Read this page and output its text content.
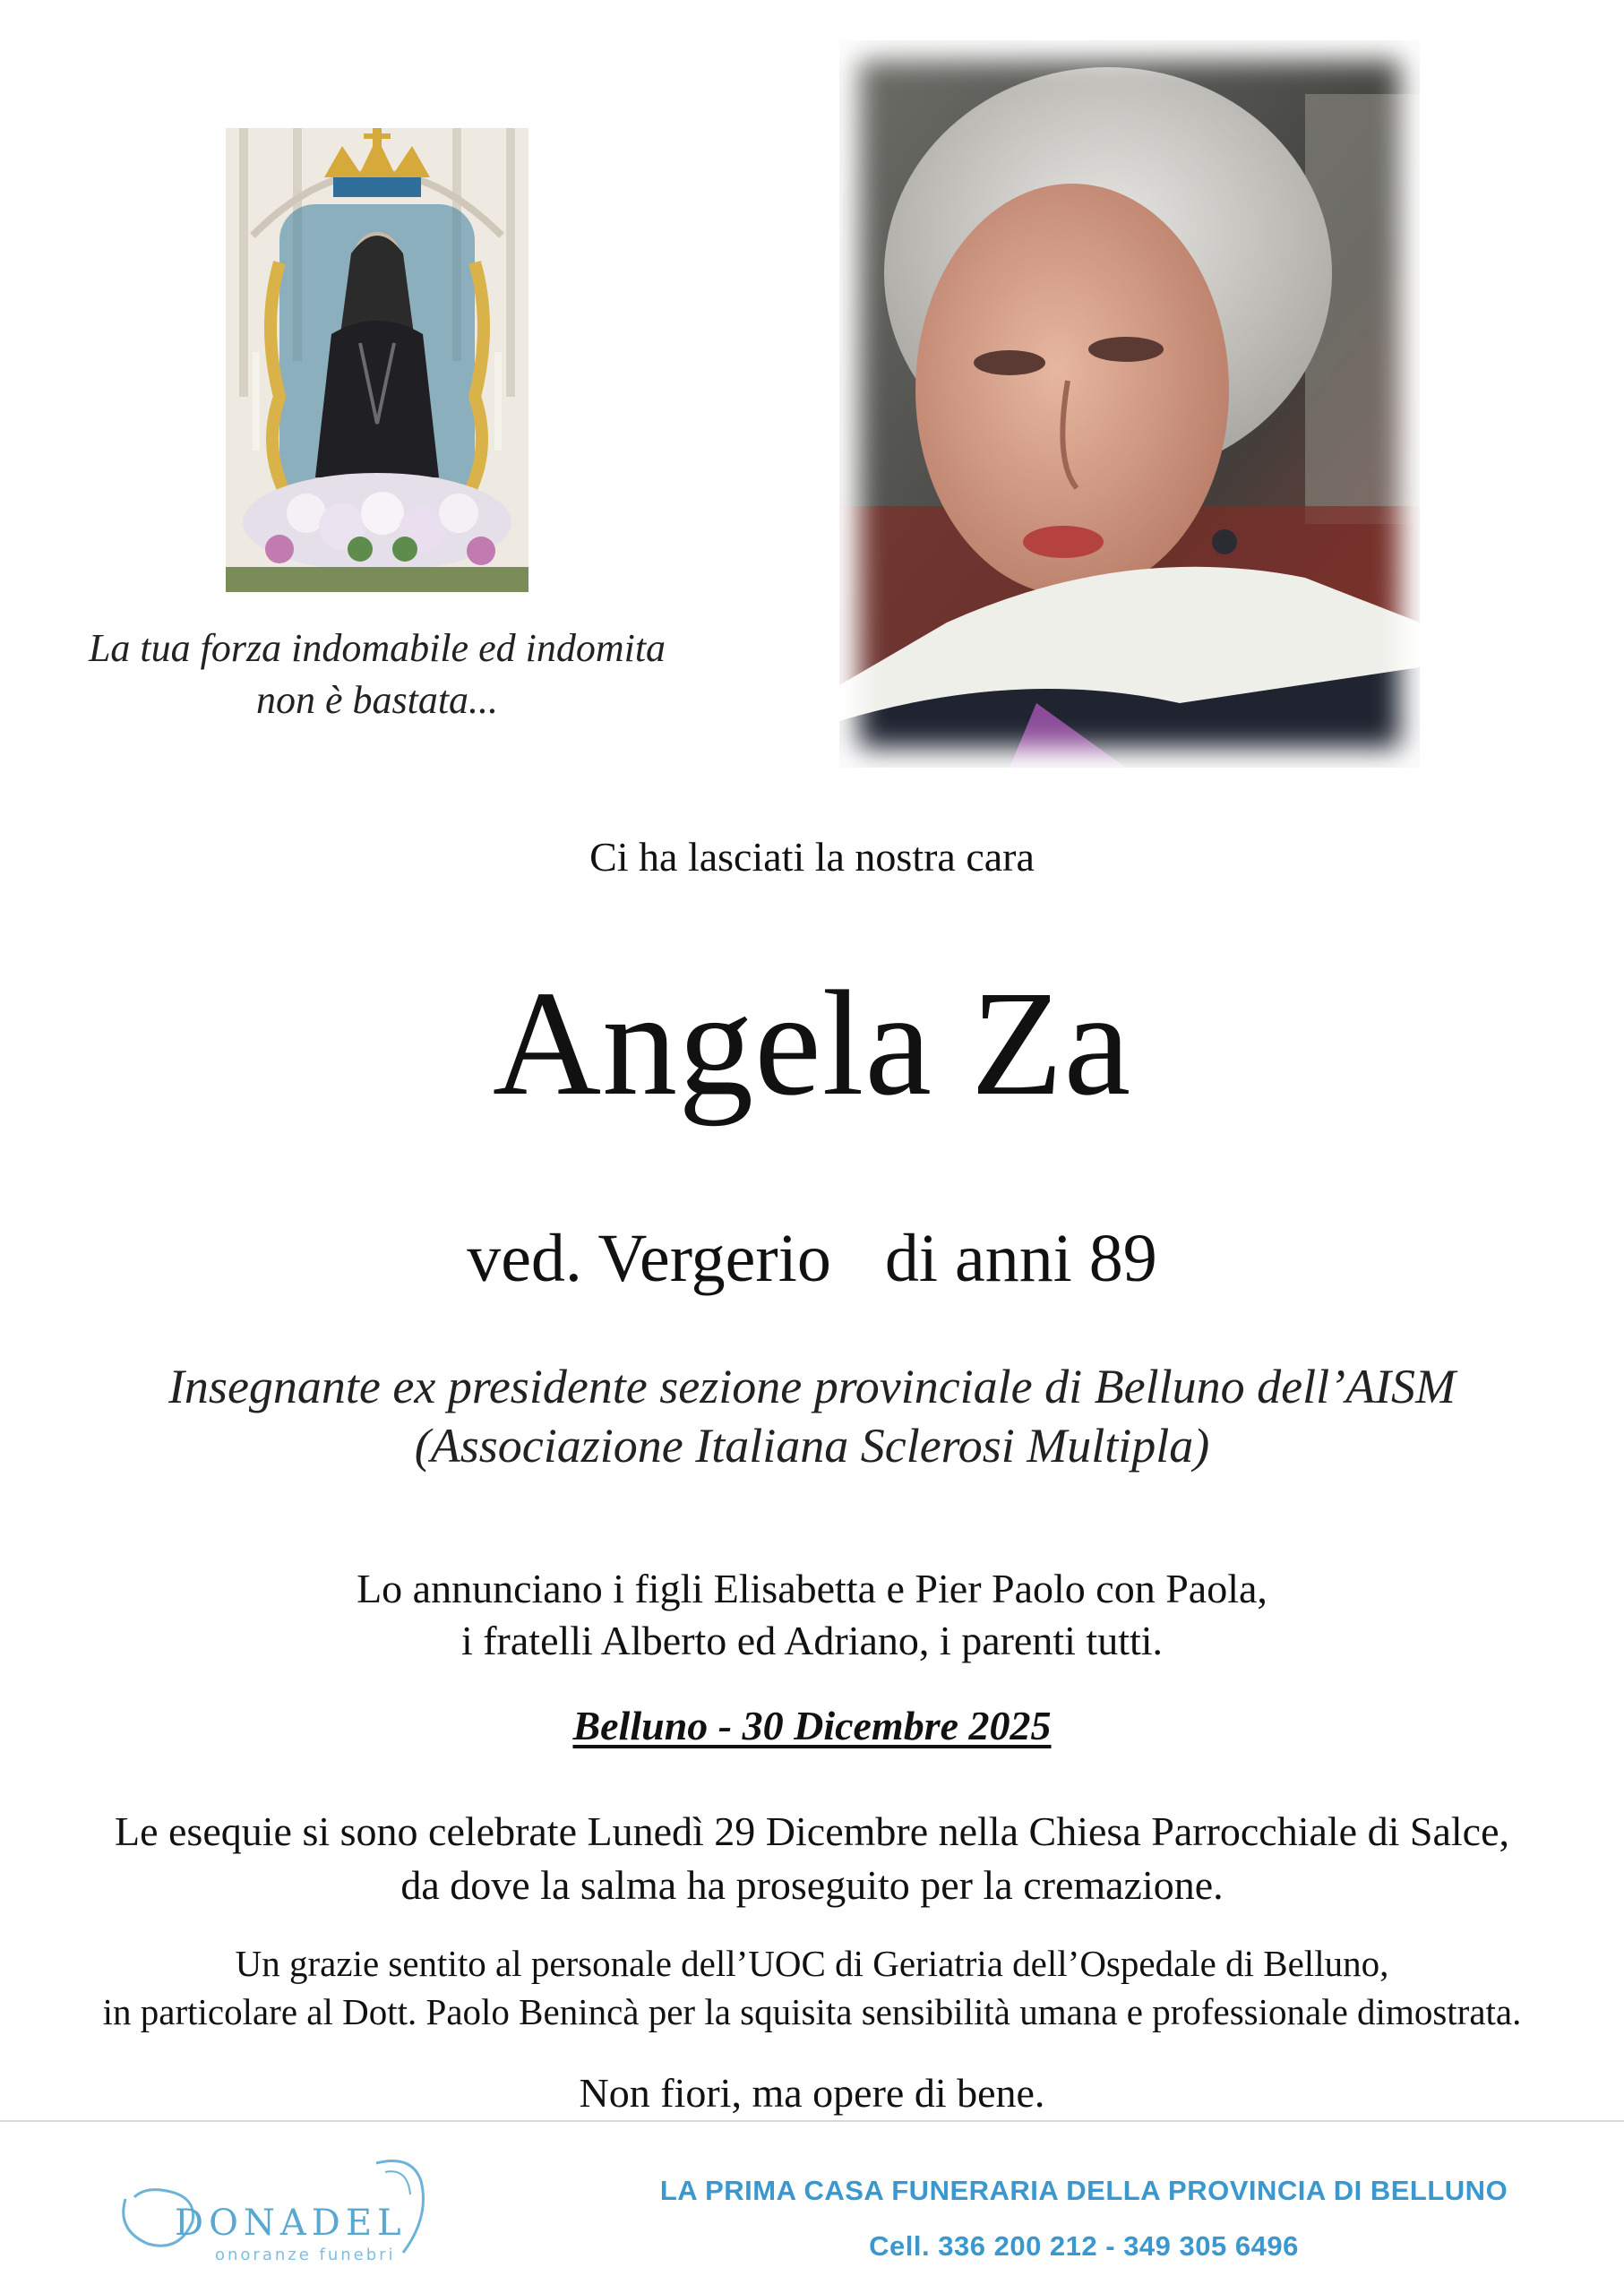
La tua forza indomabile ed indomita
non è bastata...
Ci ha lasciati la nostra cara
Angela Za
ved. Vergerio di anni 89
Insegnante ex presidente sezione provinciale di Belluno dell’AISM
(Associazione Italiana Sclerosi Multipla)
Lo annunciano i figli Elisabetta e Pier Paolo con Paola,
i fratelli Alberto ed Adriano, i parenti tutti.
Belluno - 30 Dicembre 2025
Le esequie si sono celebrate Lunedì 29 Dicembre nella Chiesa Parrocchiale di Salce,
da dove la salma ha proseguito per la cremazione.
Un grazie sentito al personale dell’UOC di Geriatria dell’Ospedale di Belluno,
in particolare al Dott. Paolo Benincà per la squisita sensibilità umana e professionale dimostrata.
Non fiori, ma opere di bene.
DONADEL
onoranze funebri
LA PRIMA CASA FUNERARIA DELLA PROVINCIA DI BELLUNO
Cell. 336 200 212 - 349 305 6496
